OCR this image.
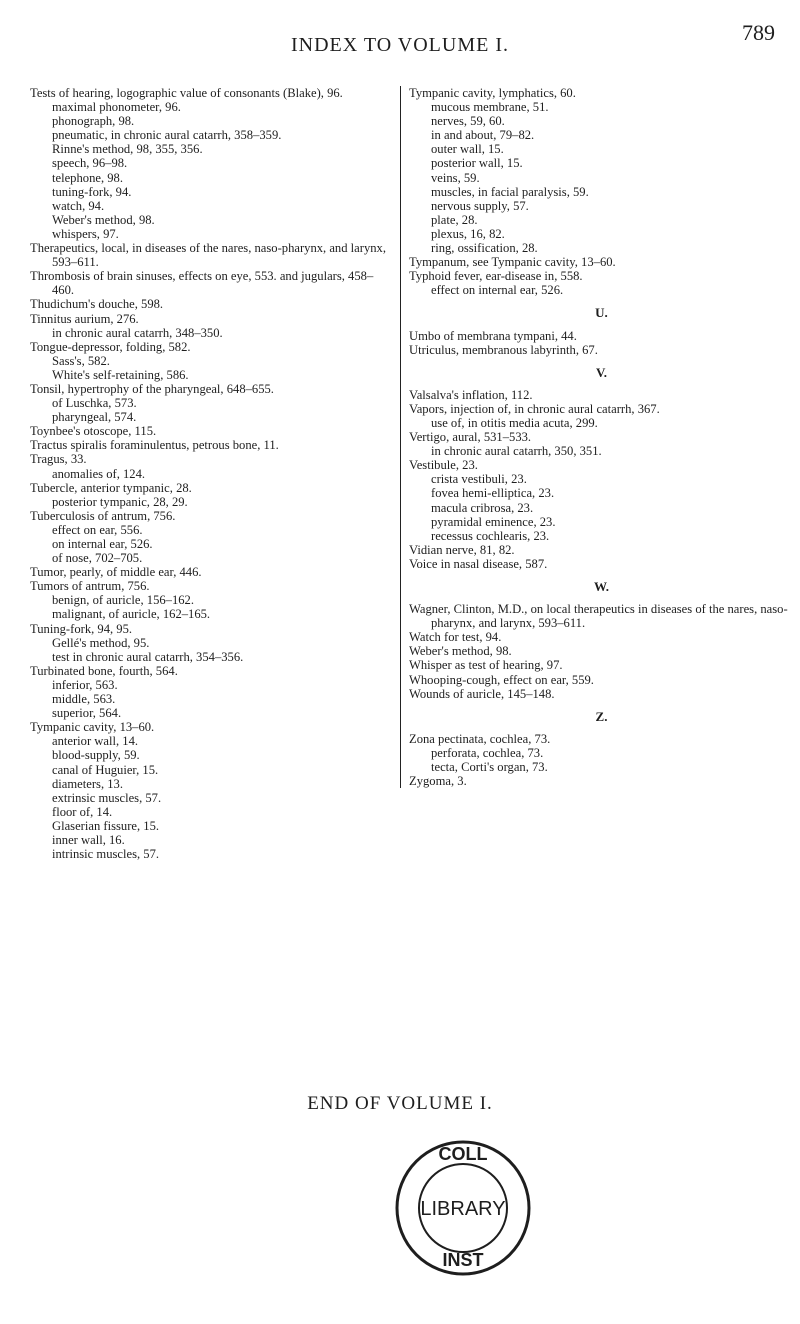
789
INDEX TO VOLUME I.

Tests of hearing, logographic value of consonants (Blake), 96.

maximal phonometer, 96.

phonograph, 98.

pneumatic, in chronic aural catarrh, 358–359.

Rinne's method, 98, 355, 356.

speech, 96–98.

telephone, 98.

tuning-fork, 94.

watch, 94.

Weber's method, 98.

whispers, 97.

Therapeutics, local, in diseases of the nares, naso-pharynx, and larynx, 593–611.

Thrombosis of brain sinuses, effects on eye, 553. and jugulars, 458–460.

Thudichum's douche, 598.

Tinnitus aurium, 276.

in chronic aural catarrh, 348–350.

Tongue-depressor, folding, 582.

Sass's, 582.

White's self-retaining, 586.

Tonsil, hypertrophy of the pharyngeal, 648–655.

of Luschka, 573.

pharyngeal, 574.

Toynbee's otoscope, 115.

Tractus spiralis foraminulentus, petrous bone, 11.

Tragus, 33.

anomalies of, 124.

Tubercle, anterior tympanic, 28.

posterior tympanic, 28, 29.

Tuberculosis of antrum, 756.

effect on ear, 556.

on internal ear, 526.

of nose, 702–705.

Tumor, pearly, of middle ear, 446.

Tumors of antrum, 756.

benign, of auricle, 156–162.

malignant, of auricle, 162–165.

Tuning-fork, 94, 95.

Gellé's method, 95.

test in chronic aural catarrh, 354–356.

Turbinated bone, fourth, 564.

inferior, 563.

middle, 563.

superior, 564.

Tympanic cavity, 13–60.

anterior wall, 14.

blood-supply, 59.

canal of Huguier, 15.

diameters, 13.

extrinsic muscles, 57.

floor of, 14.

Glaserian fissure, 15.

inner wall, 16.

intrinsic muscles, 57.

Tympanic cavity, lymphatics, 60.

mucous membrane, 51.

nerves, 59, 60.

in and about, 79–82.

outer wall, 15.

posterior wall, 15.

veins, 59.

muscles, in facial paralysis, 59.

nervous supply, 57.

plate, 28.

plexus, 16, 82.

ring, ossification, 28.

Tympanum, see Tympanic cavity, 13–60.

Typhoid fever, ear-disease in, 558.

effect on internal ear, 526.

U.

Umbo of membrana tympani, 44.

Utriculus, membranous labyrinth, 67.

V.

Valsalva's inflation, 112.

Vapors, injection of, in chronic aural catarrh, 367.

use of, in otitis media acuta, 299.

Vertigo, aural, 531–533.

in chronic aural catarrh, 350, 351.

Vestibule, 23.

crista vestibuli, 23.

fovea hemi-elliptica, 23.

macula cribrosa, 23.

pyramidal eminence, 23.

recessus cochlearis, 23.

Vidian nerve, 81, 82.

Voice in nasal disease, 587.

W.

Wagner, Clinton, M.D., on local therapeutics in diseases of the nares, naso-pharynx, and larynx, 593–611.

Watch for test, 94.

Weber's method, 98.

Whisper as test of hearing, 97.

Whooping-cough, effect on ear, 559.

Wounds of auricle, 145–148.

Z.

Zona pectinata, cochlea, 73.

perforata, cochlea, 73.

tecta, Corti's organ, 73.

Zygoma, 3.

END OF VOLUME I.
COLL
LIBRARY
INST
